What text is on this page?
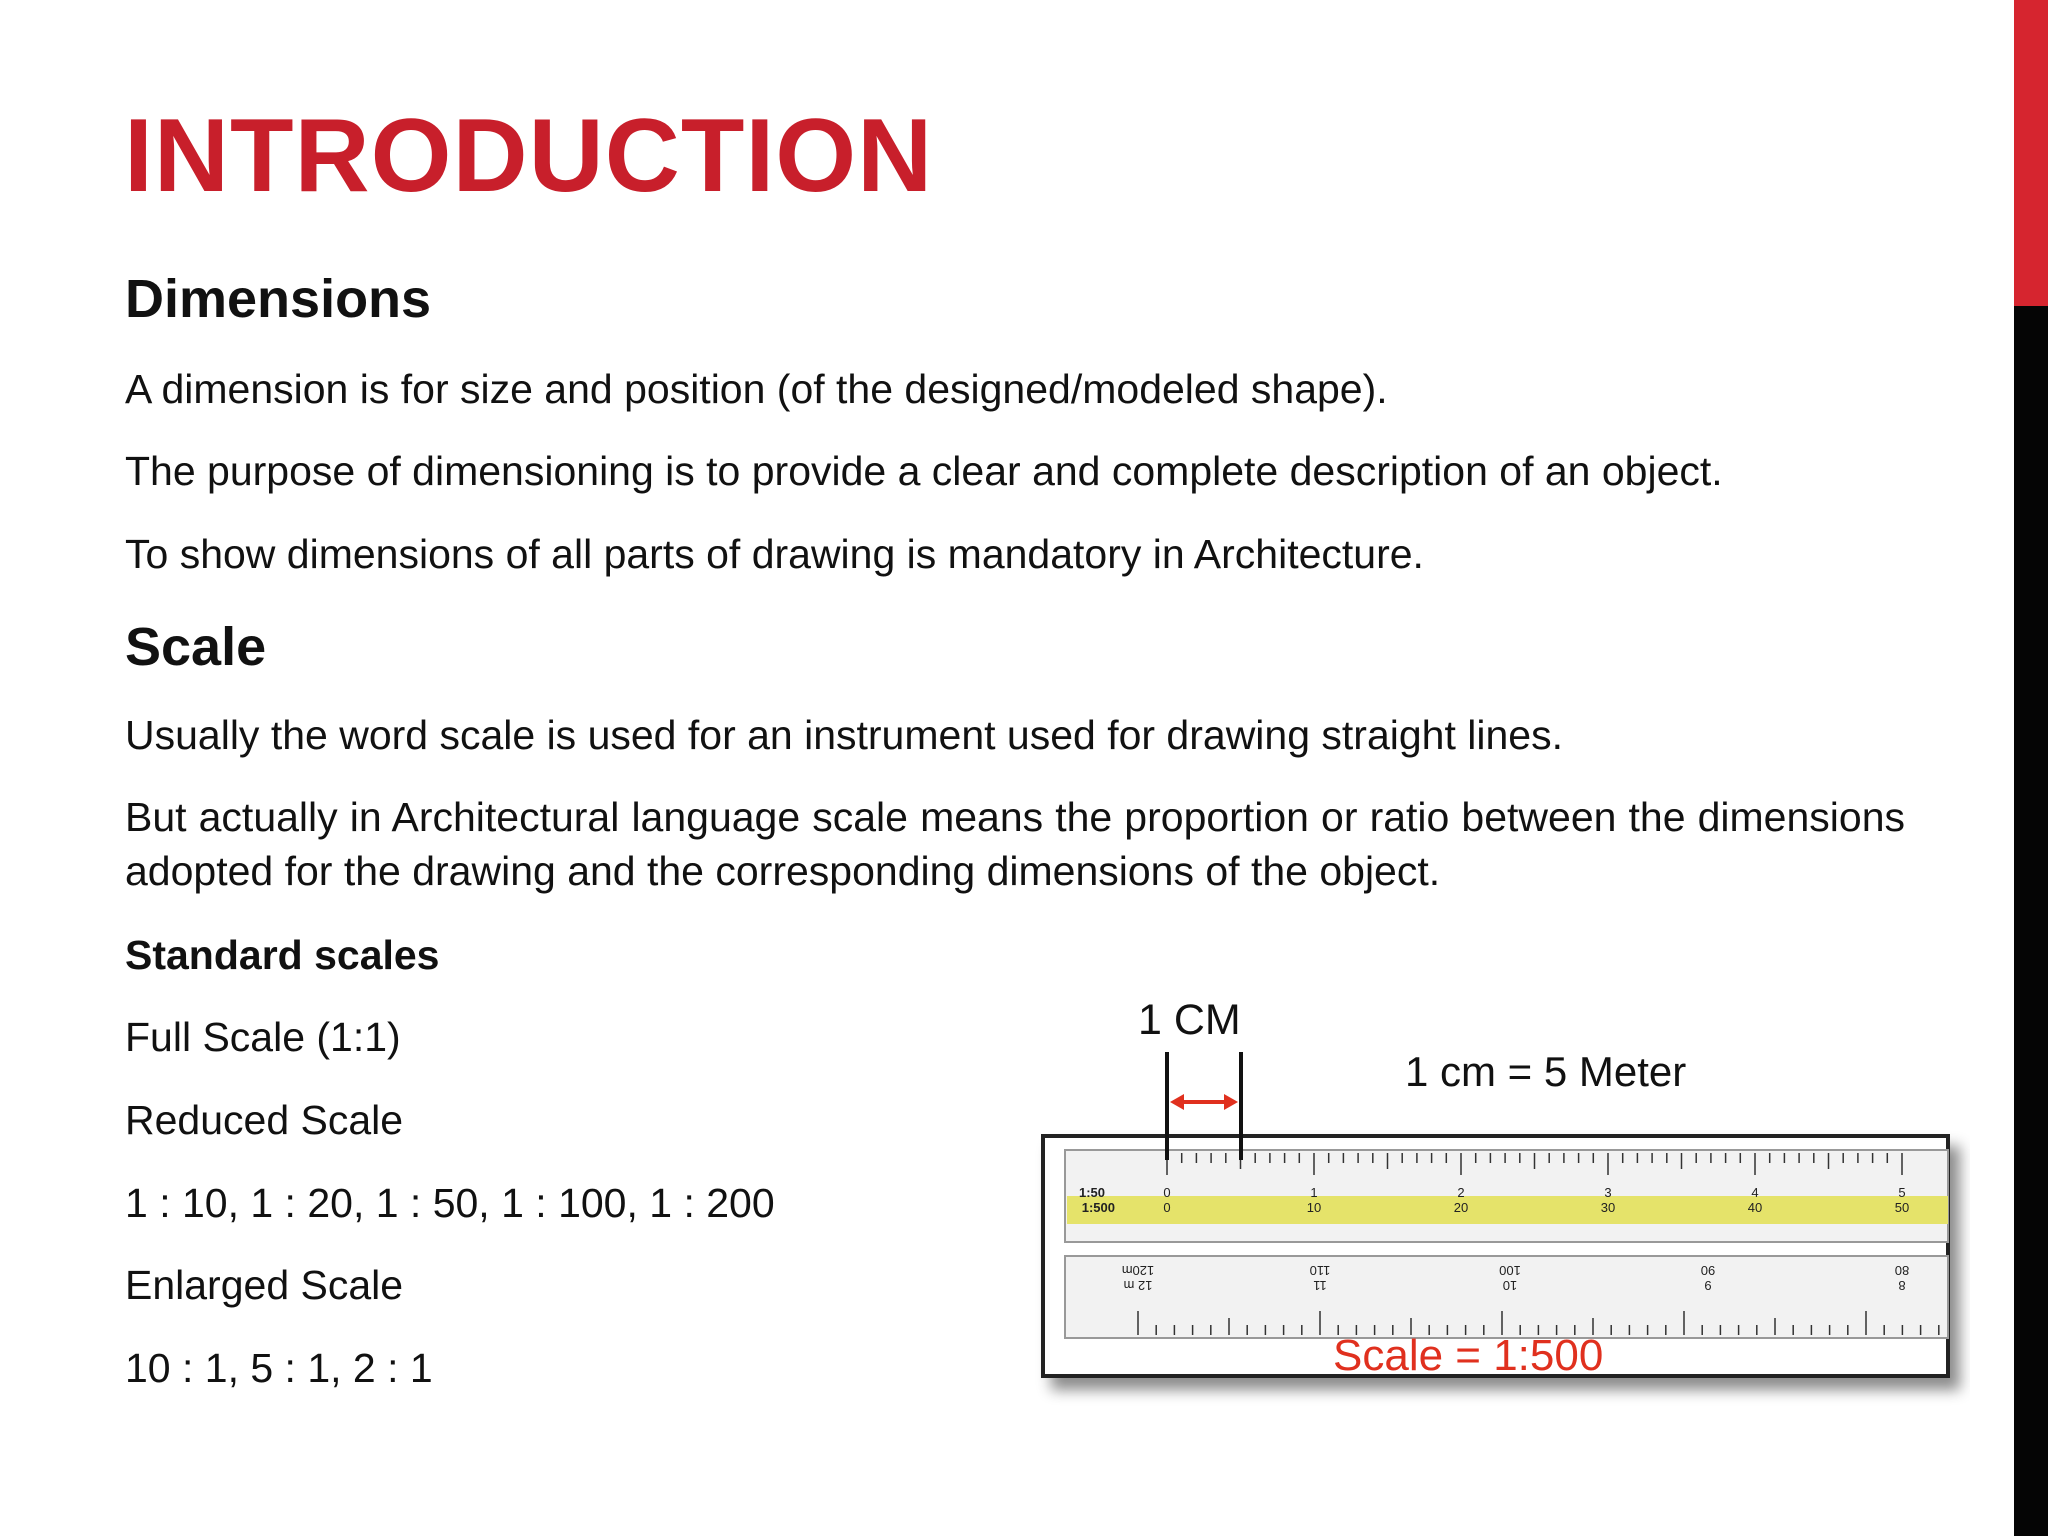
INTRODUCTION
Dimensions

A dimension is for size and position (of the designed/modeled shape).

The purpose of dimensioning is to provide a clear and complete description of an object.

To show dimensions of all parts of drawing is mandatory in Architecture.

Scale

Usually the word scale is used for an instrument used for drawing straight lines.

But actually in Architectural language scale means the proportion or ratio between the dimensions adopted for the drawing and the corresponding dimensions of the object.

Standard scales

Full Scale (1:1)

Reduced Scale

1 : 10, 1 : 20, 1 : 50, 1 : 100, 1 : 200

Enlarged Scale

10 : 1, 5 : 1, 2 : 1

1:50
1:500
0	1	2	3	4	5
0	10	20	30	40	50
120m	110	100	90	80
12 m	11	10	9	8
1 CM
1 cm = 5 Meter
Scale = 1:500
